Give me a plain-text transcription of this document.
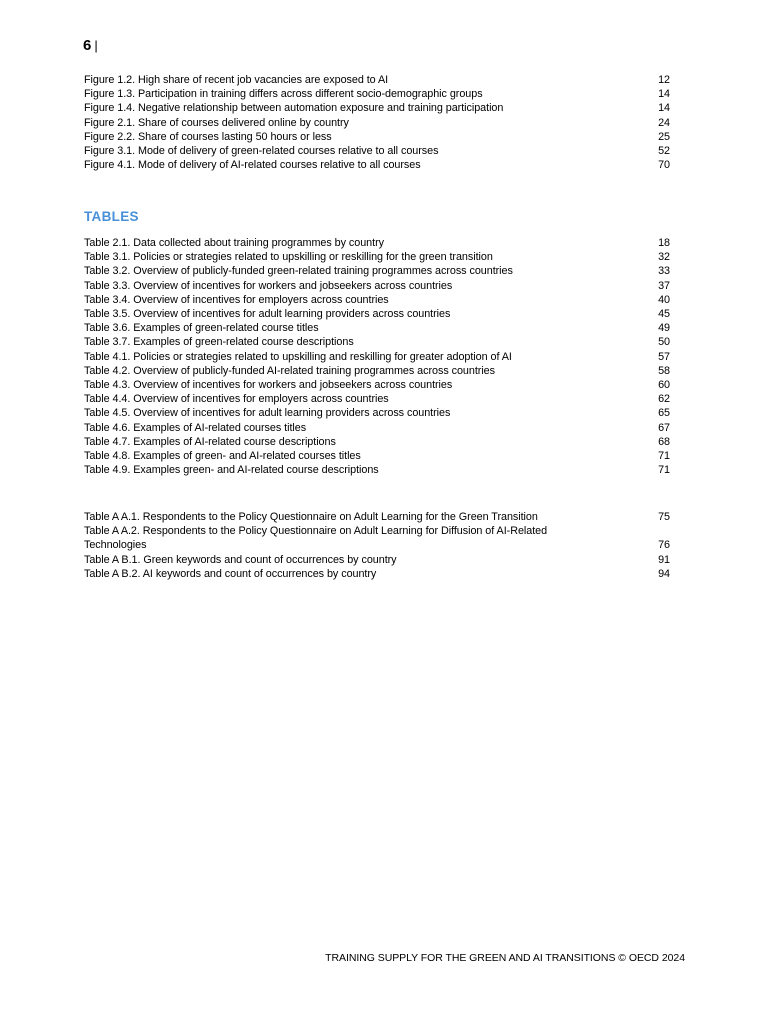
6 |
Figure 1.2. High share of recent job vacancies are exposed to AI	12
Figure 1.3. Participation in training differs across different socio-demographic groups	14
Figure 1.4. Negative relationship between automation exposure and training participation	14
Figure 2.1. Share of courses delivered online by country	24
Figure 2.2. Share of courses lasting 50 hours or less	25
Figure 3.1. Mode of delivery of green-related courses relative to all courses	52
Figure 4.1. Mode of delivery of AI-related courses relative to all courses	70
TABLES
Table 2.1. Data collected about training programmes by country	18
Table 3.1. Policies or strategies related to upskilling or reskilling for the green transition	32
Table 3.2. Overview of publicly-funded green-related training programmes across countries	33
Table 3.3. Overview of incentives for workers and jobseekers across countries	37
Table 3.4. Overview of incentives for employers across countries	40
Table 3.5. Overview of incentives for adult learning providers across countries	45
Table 3.6. Examples of green-related course titles	49
Table 3.7. Examples of green-related course descriptions	50
Table 4.1. Policies or strategies related to upskilling and reskilling for greater adoption of AI	57
Table 4.2. Overview of publicly-funded AI-related training programmes across countries	58
Table 4.3. Overview of incentives for workers and jobseekers across countries	60
Table 4.4. Overview of incentives for employers across countries	62
Table 4.5. Overview of incentives for adult learning providers across countries	65
Table 4.6. Examples of AI-related courses titles	67
Table 4.7. Examples of AI-related course descriptions	68
Table 4.8. Examples of green- and AI-related courses titles	71
Table 4.9. Examples green- and AI-related course descriptions	71
Table A A.1. Respondents to the Policy Questionnaire on Adult Learning for the Green Transition	75
Table A A.2. Respondents to the Policy Questionnaire on Adult Learning for Diffusion of AI-Related Technologies	76
Table A B.1. Green keywords and count of occurrences by country	91
Table A B.2. AI keywords and count of occurrences by country	94
TRAINING SUPPLY FOR THE GREEN AND AI TRANSITIONS © OECD 2024
